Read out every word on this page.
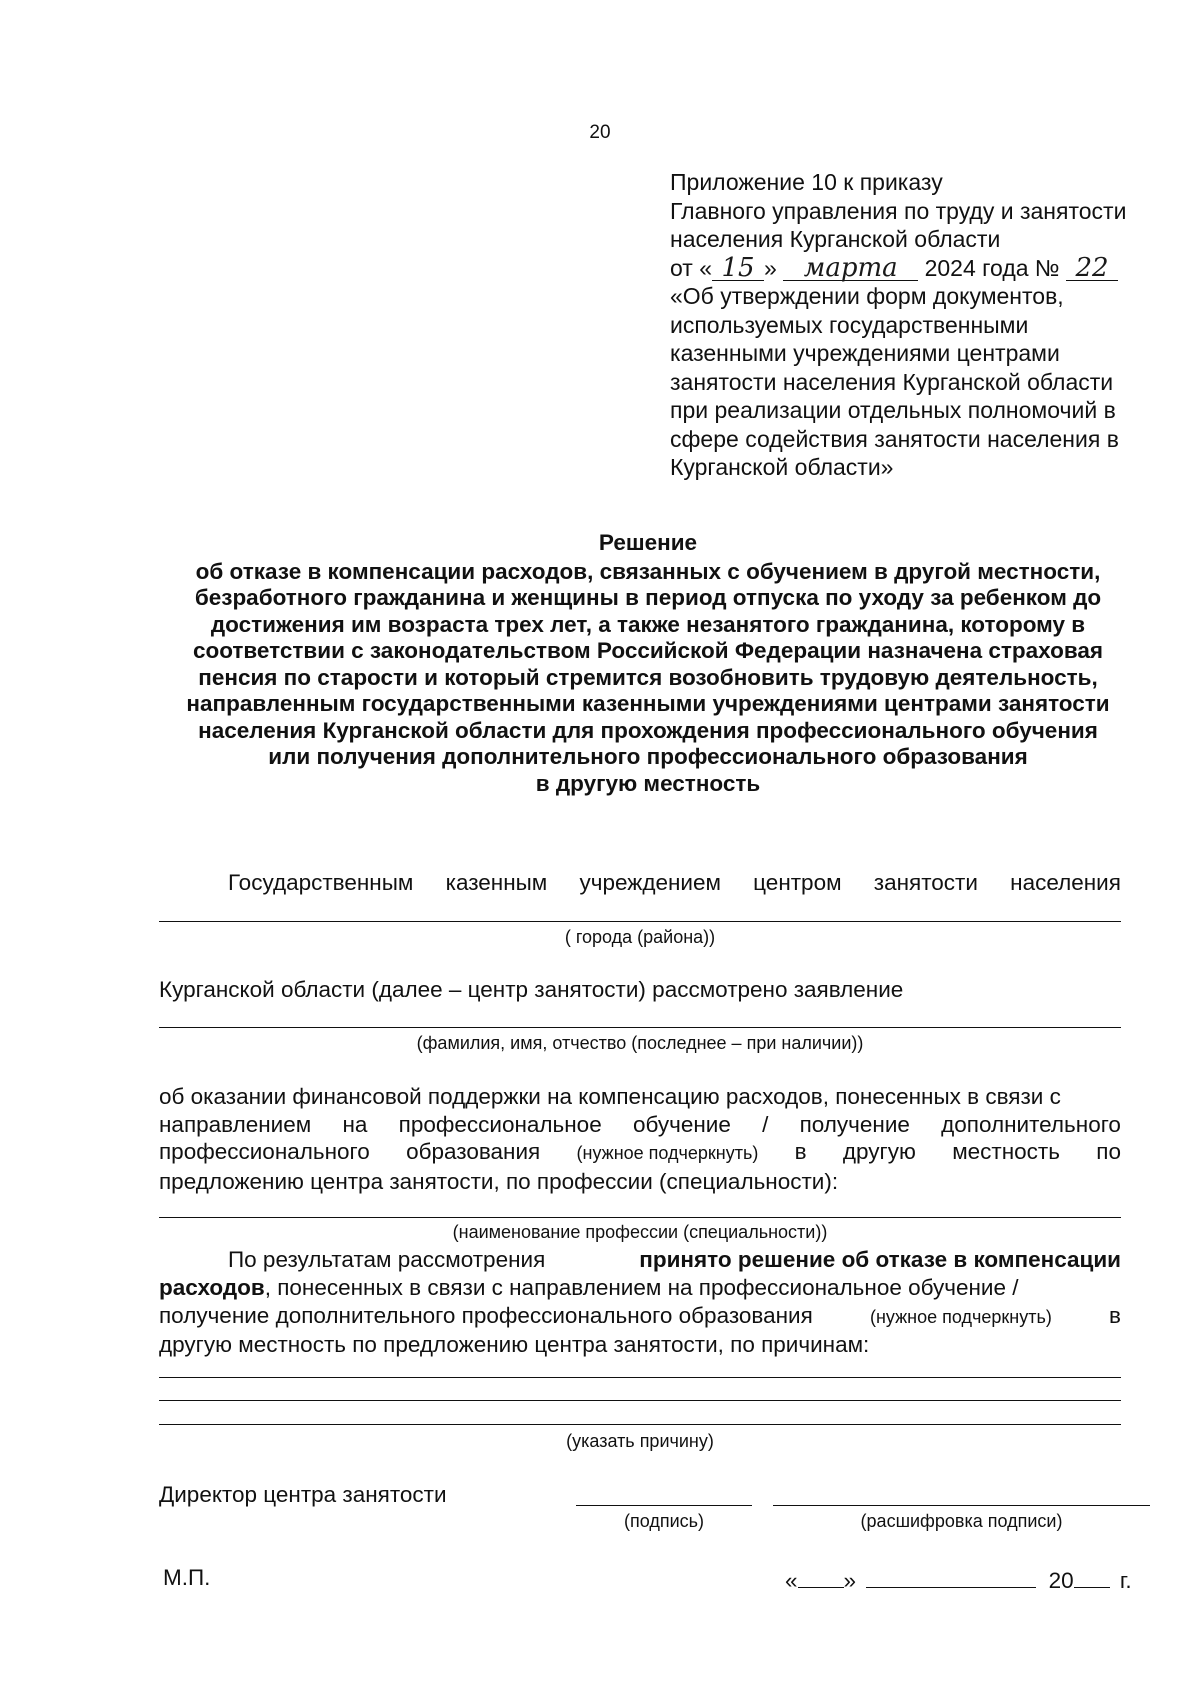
20
Приложение 10 к приказу
Главного управления по труду и занятости
населения Курганской области
от « 15 » марта 2024 года № 22
«Об утверждении форм документов,
используемых государственными
казенными учреждениями центрами
занятости населения Курганской области
при реализации отдельных полномочий в
сфере содействия занятости населения в
Курганской области»
Решение
об отказе в компенсации расходов, связанных с обучением в другой местности,
безработного гражданина и женщины в период отпуска по уходу за ребенком до
достижения им возраста трех лет, а также незанятого гражданина, которому в
соответствии с законодательством Российской Федерации назначена страховая
пенсия по старости и который стремится возобновить трудовую деятельность,
направленным государственными казенными учреждениями центрами занятости
населения Курганской области для прохождения профессионального обучения
или получения дополнительного профессионального образования
в другую местность
Государственным казенным учреждением центром занятости населения
( города (района))
Курганской области (далее – центр занятости) рассмотрено заявление
(фамилия, имя, отчество (последнее – при наличии))
об оказании финансовой поддержки на компенсацию расходов, понесенных в связи с
направлением на профессиональное обучение / получение дополнительного
профессионального образования (нужное подчеркнуть) в другую местность по
предложению центра занятости, по профессии (специальности):
(наименование профессии (специальности))
По результатам рассмотрения	принято решение об отказе в компенсации
расходов, понесенных в связи с направлением на профессиональное обучение /
получение дополнительного профессионального образования	(нужное подчеркнуть)	в
другую местность по предложению центра занятости, по причинам:
(указать причину)
Директор центра занятости
(подпись)	(расшифровка подписи)
М.П.	« »	20 г.
